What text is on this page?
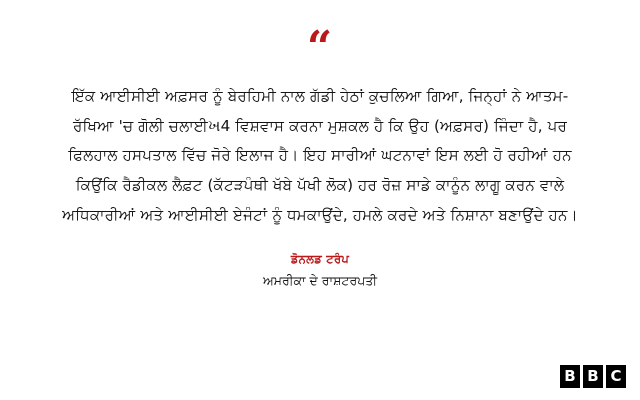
“
ਇੱਕ ਆਈਸੀਈ ਅਫ਼ਸਰ ਨੂੰ ਬੇਰਹਿਮੀ ਨਾਲ ਗੱਡੀ ਹੇਠਾਂ ਕੁਚਲਿਆ ਗਿਆ, ਜਿਨ੍ਹਾਂ ਨੇ ਆਤਮ-ਰੱਖਿਆ 'ਚ ਗੋਲੀ ਚਲਾਈખ4 ਵਿਸ਼ਵਾਸ ਕਰਨਾ ਮੁਸ਼ਕਲ ਹੈ ਕਿ ਉਹ (ਅਫ਼ਸਰ) ਜਿੰਦਾ ਹੈ, ਪਰ ਫਿਲਹਾਲ ਹਸਪਤਾਲ ਵਿੱਚ ਜੋਰੇ ਇਲਾਜ ਹੈ। ਇਹ ਸਾਰੀਆਂ ਘਟਨਾਵਾਂ ਇਸ ਲਈ ਹੋ ਰਹੀਆਂ ਹਨ ਕਿਉਂਕਿ ਰੈਡੀਕਲ ਲੈਫ਼ਟ (ਕੱਟੜਪੰਥੀ ਖੱਬੇ ਪੱਖੀ ਲੋਕ) ਹਰ ਰੋਜ਼ ਸਾਡੇ ਕਾਨੂੰਨ ਲਾਗੂ ਕਰਨ ਵਾਲੇ ਅਧਿਕਾਰੀਆਂ ਅਤੇ ਆਈਸੀਈ ਏਜੰਟਾਂ ਨੂੰ ਧਮਕਾਉਂਦੇ, ਹਮਲੇ ਕਰਦੇ ਅਤੇ ਨਿਸ਼ਾਨਾ ਬਣਾਉਂਦੇ ਹਨ।
ਡੋਨਲਡ ਟਰੰਪ
ਅਮਰੀਕਾ ਦੇ ਰਾਸ਼ਟਰਪਤੀ
B B C
